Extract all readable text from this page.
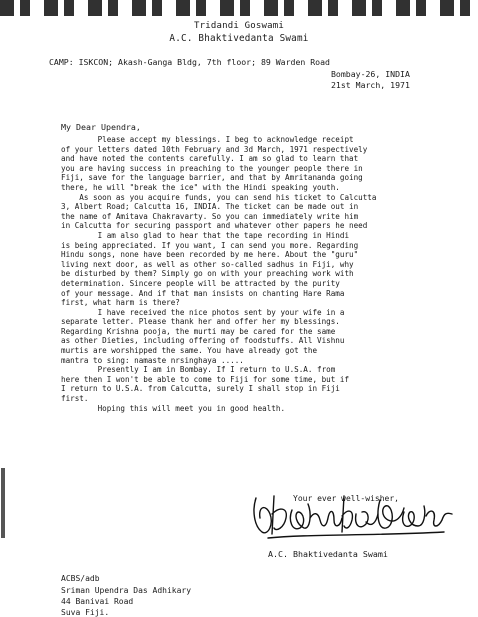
Tridandi Goswami
A.C. Bhaktivedanta Swami
CAMP: ISKCON; Akash-Ganga Bldg, 7th floor; 89 Warden Road
Bombay-26, INDIA
21st March, 1971
My Dear Upendra,
Please accept my blessings. I beg to acknowledge receipt
of your letters dated 10th February and 3d March, 1971 respectively
and have noted the contents carefully. I am so glad to learn that
you are having success in preaching to the younger people there in
Fiji, save for the language barrier, and that by Amritananda going
there, he will "break the ice" with the Hindi speaking youth.
As soon as you acquire funds, you can send his ticket to Calcutta
3, Albert Road; Calcutta 16, INDIA. The ticket can be made out in
the name of Amitava Chakravarty. So you can immediately write him
in Calcutta for securing passport and whatever other papers he need
I am also glad to hear that the tape recording in Hindi
is being appreciated. If you want, I can send you more. Regarding
Hindu songs, none have been recorded by me here. About the "guru"
living next door, as well as other so-called sadhus in Fiji, why
be disturbed by them? Simply go on with your preaching work with
determination. Sincere people will be attracted by the purity
of your message. And if that man insists on chanting Hare Rama
first, what harm is there?
I have received the nice photos sent by your wife in a
separate letter. Please thank her and offer her my blessings.
Regarding Krishna pooja, the murti may be cared for the same
as other Dieties, including offering of foodstuffs. All Vishnu
murtis are worshipped the same. You have already got the
mantra to sing: namaste nrsinghaya .....
Presently I am in Bombay. If I return to U.S.A. from
here then I won't be able to come to Fiji for some time, but if
I return to U.S.A. from Calcutta, surely I shall stop in Fiji
first.
Hoping this will meet you in good health.
Your ever well-wisher,
A.C. Bhaktivedanta Swami
ACBS/adb
Sriman Upendra Das Adhikary
44 Banivai Road
Suva Fiji.
